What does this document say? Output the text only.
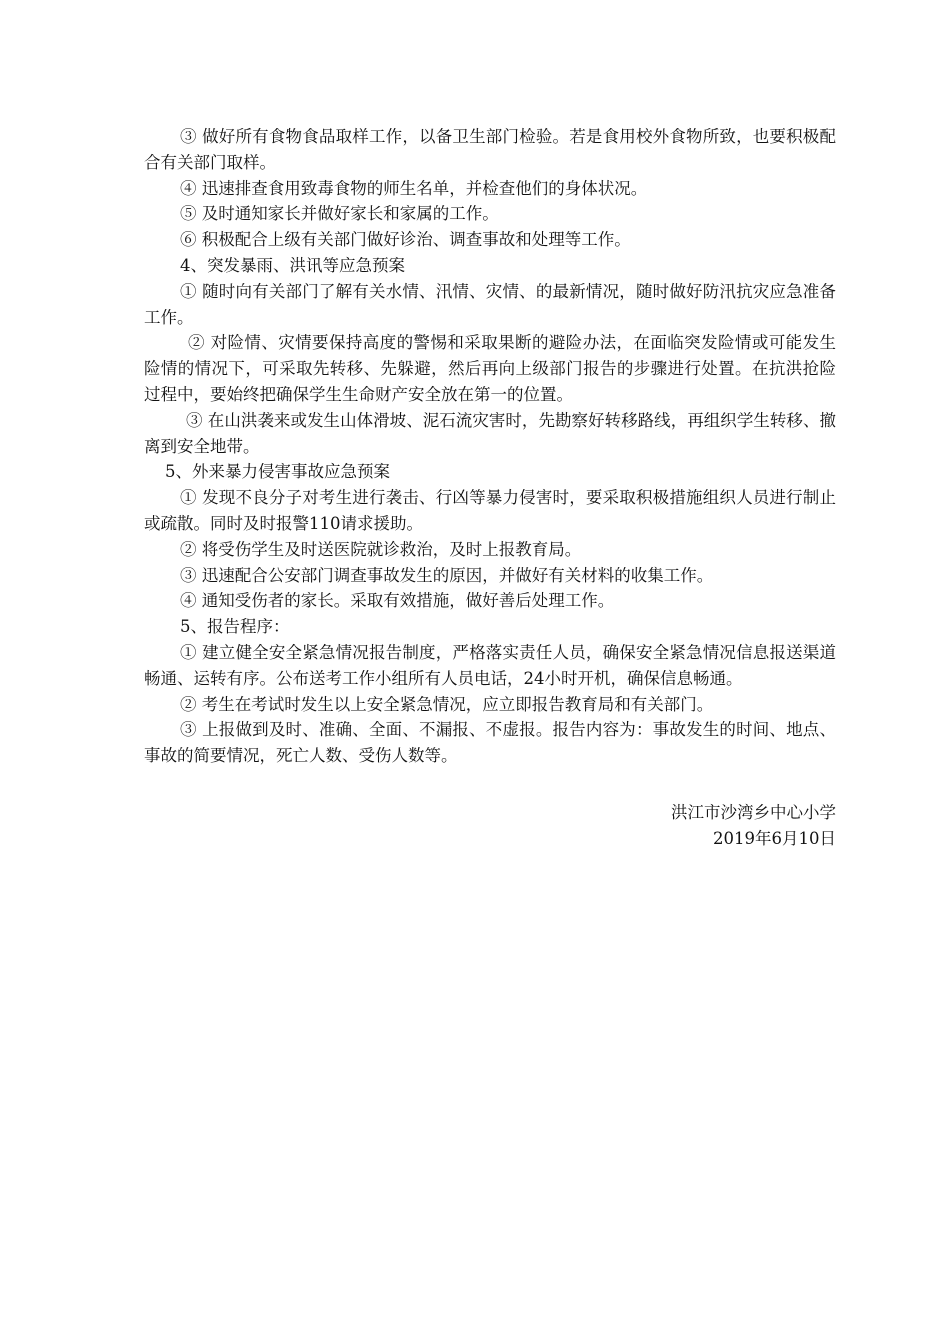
③ 做好所有食物食品取样工作，以备卫生部门检验。若是食用校外食物所致，也要积极配合有关部门取样。

④ 迅速排查食用致毒食物的师生名单，并检查他们的身体状况。

⑤ 及时通知家长并做好家长和家属的工作。

⑥ 积极配合上级有关部门做好诊治、调查事故和处理等工作。

4、突发暴雨、洪讯等应急预案

① 随时向有关部门了解有关水情、汛情、灾情、的最新情况，随时做好防汛抗灾应急准备工作。

② 对险情、灾情要保持高度的警惕和采取果断的避险办法，在面临突发险情或可能发生险情的情况下，可采取先转移、先躲避，然后再向上级部门报告的步骤进行处置。在抗洪抢险过程中，要始终把确保学生生命财产安全放在第一的位置。

③ 在山洪袭来或发生山体滑坡、泥石流灾害时，先勘察好转移路线，再组织学生转移、撤离到安全地带。

5、外来暴力侵害事故应急预案

① 发现不良分子对考生进行袭击、行凶等暴力侵害时，要采取积极措施组织人员进行制止或疏散。同时及时报警110请求援助。

② 将受伤学生及时送医院就诊救治，及时上报教育局。

③ 迅速配合公安部门调查事故发生的原因，并做好有关材料的收集工作。

④ 通知受伤者的家长。采取有效措施，做好善后处理工作。

5、报告程序：

① 建立健全安全紧急情况报告制度，严格落实责任人员，确保安全紧急情况信息报送渠道畅通、运转有序。公布送考工作小组所有人员电话，24小时开机，确保信息畅通。

② 考生在考试时发生以上安全紧急情况，应立即报告教育局和有关部门。

③ 上报做到及时、准确、全面、不漏报、不虚报。报告内容为：事故发生的时间、地点、事故的简要情况，死亡人数、受伤人数等。

洪江市沙湾乡中心小学
2019年6月10日
